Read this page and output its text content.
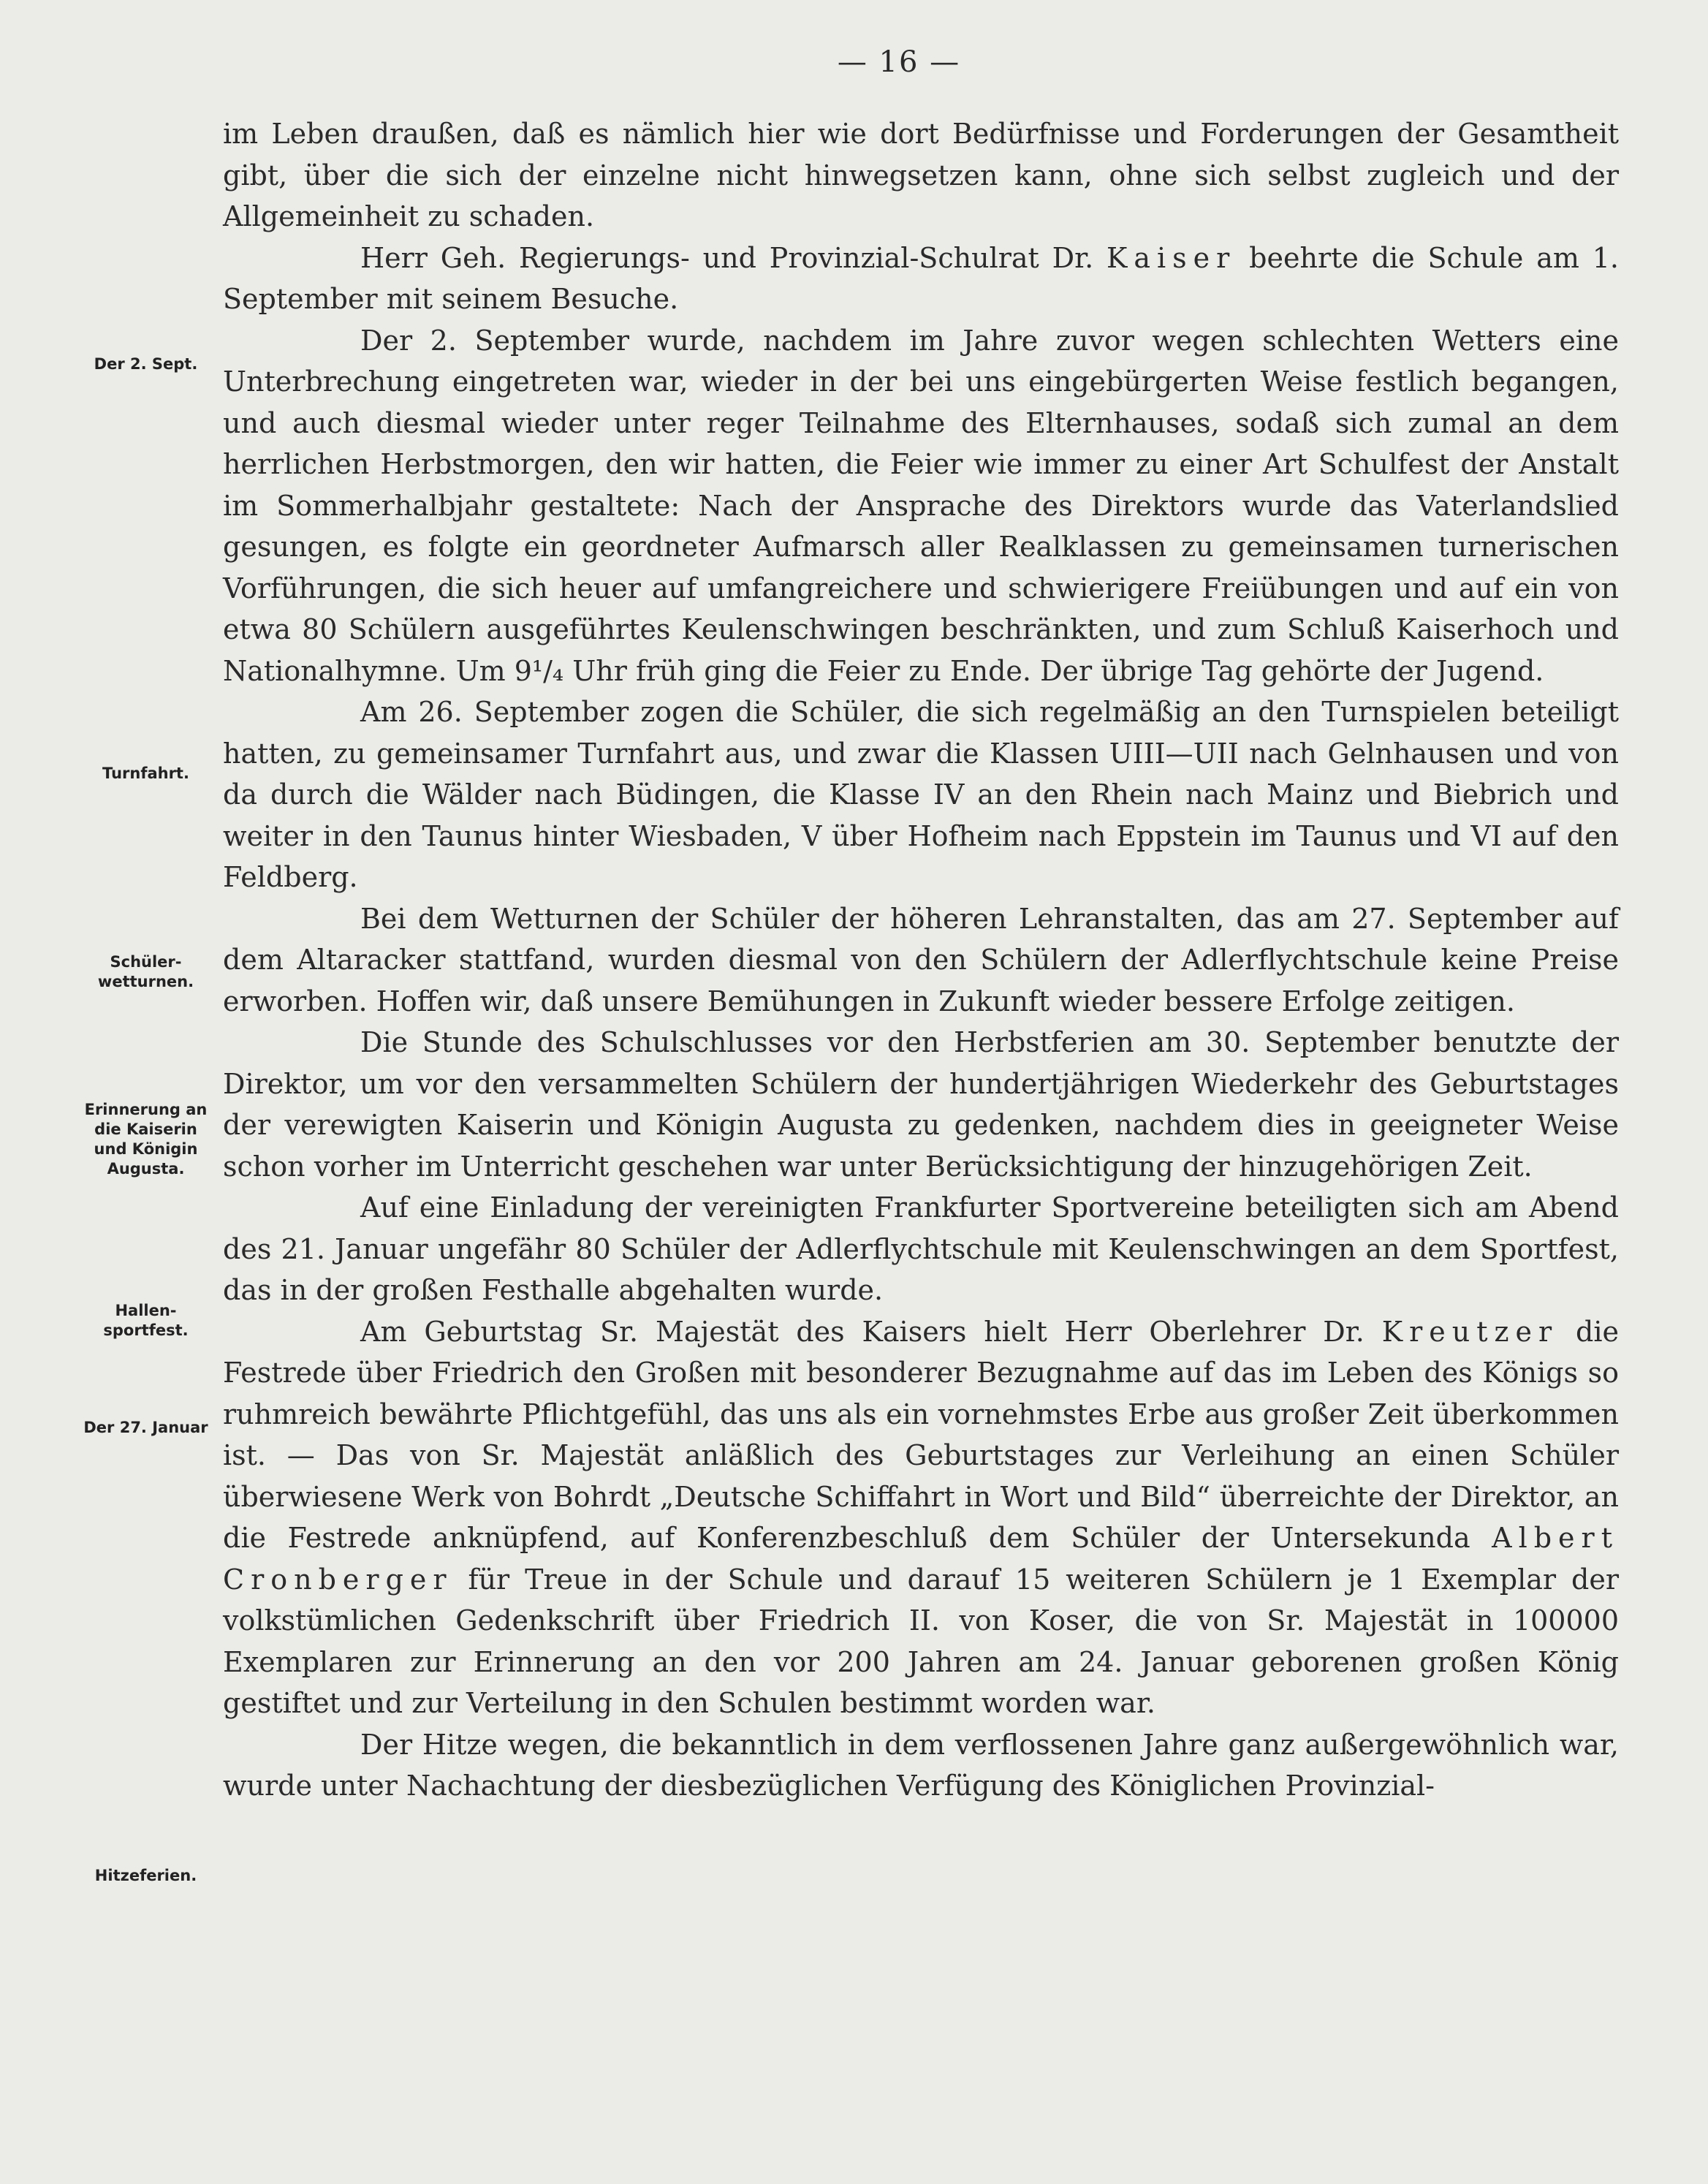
— 16 —
Der 2. Sept.
Turnfahrt.
Schüler-
wetturnen.
Erinnerung an
die Kaiserin
und Königin
Augusta.
Hallen-
sportfest.
Der 27. Januar
Hitzeferien.

im Leben draußen, daß es nämlich hier wie dort Bedürfnisse und Forderungen der Gesamtheit gibt, über die sich der einzelne nicht hinwegsetzen kann, ohne sich selbst zugleich und der Allgemeinheit zu schaden.

Herr Geh. Regierungs- und Provinzial-Schulrat Dr. Kaiser beehrte die Schule am 1. September mit seinem Besuche.

Der 2. September wurde, nachdem im Jahre zuvor wegen schlechten Wetters eine Unterbrechung eingetreten war, wieder in der bei uns eingebürgerten Weise festlich begangen, und auch diesmal wieder unter reger Teilnahme des Elternhauses, sodaß sich zumal an dem herrlichen Herbstmorgen, den wir hatten, die Feier wie immer zu einer Art Schulfest der Anstalt im Sommerhalbjahr gestaltete: Nach der Ansprache des Direktors wurde das Vaterlandslied gesungen, es folgte ein geordneter Aufmarsch aller Realklassen zu gemeinsamen turnerischen Vorführungen, die sich heuer auf umfangreichere und schwierigere Freiübungen und auf ein von etwa 80 Schülern ausgeführtes Keulenschwingen beschränkten, und zum Schluß Kaiserhoch und Nationalhymne. Um 9¹/₄ Uhr früh ging die Feier zu Ende. Der übrige Tag gehörte der Jugend.

Am 26. September zogen die Schüler, die sich regelmäßig an den Turnspielen beteiligt hatten, zu gemeinsamer Turnfahrt aus, und zwar die Klassen UIII—UII nach Gelnhausen und von da durch die Wälder nach Büdingen, die Klasse IV an den Rhein nach Mainz und Biebrich und weiter in den Taunus hinter Wiesbaden, V über Hofheim nach Eppstein im Taunus und VI auf den Feldberg.

Bei dem Wetturnen der Schüler der höheren Lehranstalten, das am 27. September auf dem Altaracker stattfand, wurden diesmal von den Schülern der Adlerflychtschule keine Preise erworben. Hoffen wir, daß unsere Bemühungen in Zukunft wieder bessere Erfolge zeitigen.

Die Stunde des Schulschlusses vor den Herbstferien am 30. September benutzte der Direktor, um vor den versammelten Schülern der hundertjährigen Wiederkehr des Geburtstages der verewigten Kaiserin und Königin Augusta zu gedenken, nachdem dies in geeigneter Weise schon vorher im Unterricht geschehen war unter Berücksichtigung der hinzugehörigen Zeit.

Auf eine Einladung der vereinigten Frankfurter Sportvereine beteiligten sich am Abend des 21. Januar ungefähr 80 Schüler der Adlerflychtschule mit Keulenschwingen an dem Sportfest, das in der großen Festhalle abgehalten wurde.

Am Geburtstag Sr. Majestät des Kaisers hielt Herr Oberlehrer Dr. Kreutzer die Festrede über Friedrich den Großen mit besonderer Bezugnahme auf das im Leben des Königs so ruhmreich bewährte Pflichtgefühl, das uns als ein vornehmstes Erbe aus großer Zeit überkommen ist. — Das von Sr. Majestät anläßlich des Geburtstages zur Verleihung an einen Schüler überwiesene Werk von Bohrdt „Deutsche Schiffahrt in Wort und Bild“ überreichte der Direktor, an die Festrede anknüpfend, auf Konferenzbeschluß dem Schüler der Untersekunda Albert Cronberger für Treue in der Schule und darauf 15 weiteren Schülern je 1 Exemplar der volkstümlichen Gedenkschrift über Friedrich II. von Koser, die von Sr. Majestät in 100000 Exemplaren zur Erinnerung an den vor 200 Jahren am 24. Januar geborenen großen König gestiftet und zur Verteilung in den Schulen bestimmt worden war.

Der Hitze wegen, die bekanntlich in dem verflossenen Jahre ganz außergewöhnlich war, wurde unter Nachachtung der diesbezüglichen Verfügung des Königlichen Provinzial-
